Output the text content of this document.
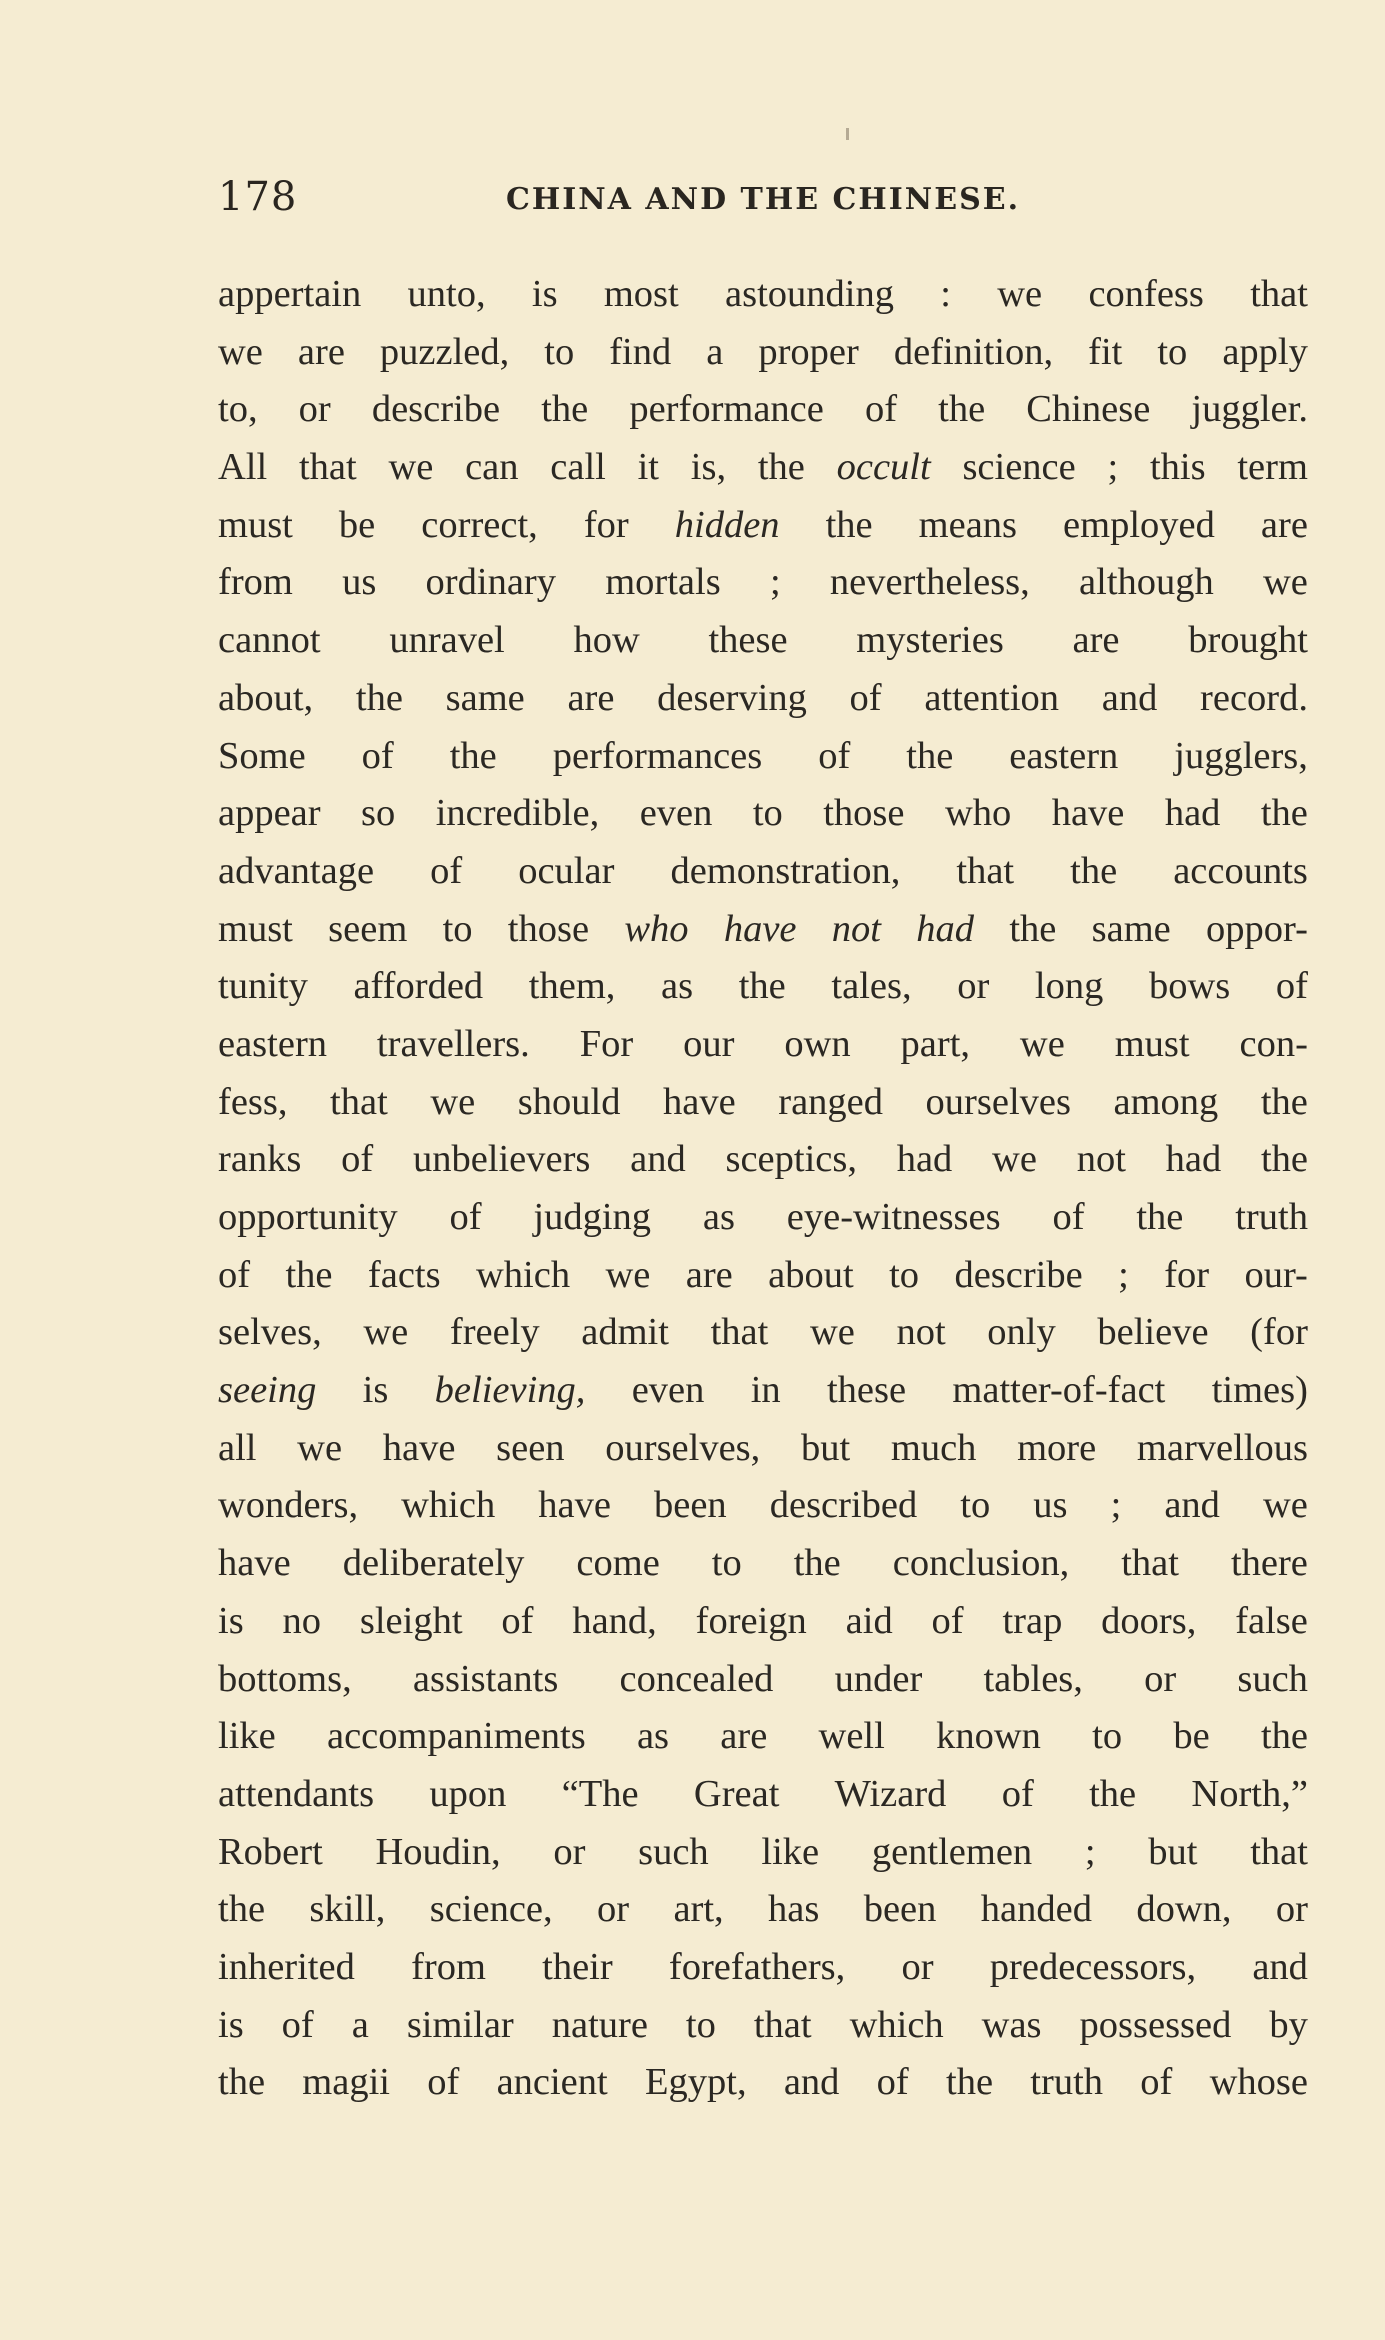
178	CHINA AND THE CHINESE.
appertain unto, is most astounding : we confess that
we are puzzled, to find a proper definition, fit to apply
to, or describe the performance of the Chinese juggler.
All that we can call it is, the occult science ; this term
must be correct, for hidden the means employed are
from us ordinary mortals ; nevertheless, although we
cannot unravel how these mysteries are brought
about, the same are deserving of attention and record.
Some of the performances of the eastern jugglers,
appear so incredible, even to those who have had the
advantage of ocular demonstration, that the accounts
must seem to those who have not had the same oppor-
tunity afforded them, as the tales, or long bows of
eastern travellers. For our own part, we must con-
fess, that we should have ranged ourselves among the
ranks of unbelievers and sceptics, had we not had the
opportunity of judging as eye-witnesses of the truth
of the facts which we are about to describe ; for our-
selves, we freely admit that we not only believe (for
seeing is believing, even in these matter-of-fact times)
all we have seen ourselves, but much more marvellous
wonders, which have been described to us ; and we
have deliberately come to the conclusion, that there
is no sleight of hand, foreign aid of trap doors, false
bottoms, assistants concealed under tables, or such
like accompaniments as are well known to be the
attendants upon “The Great Wizard of the North,”
Robert Houdin, or such like gentlemen ; but that
the skill, science, or art, has been handed down, or
inherited from their forefathers, or predecessors, and
is of a similar nature to that which was possessed by
the magii of ancient Egypt, and of the truth of whose
